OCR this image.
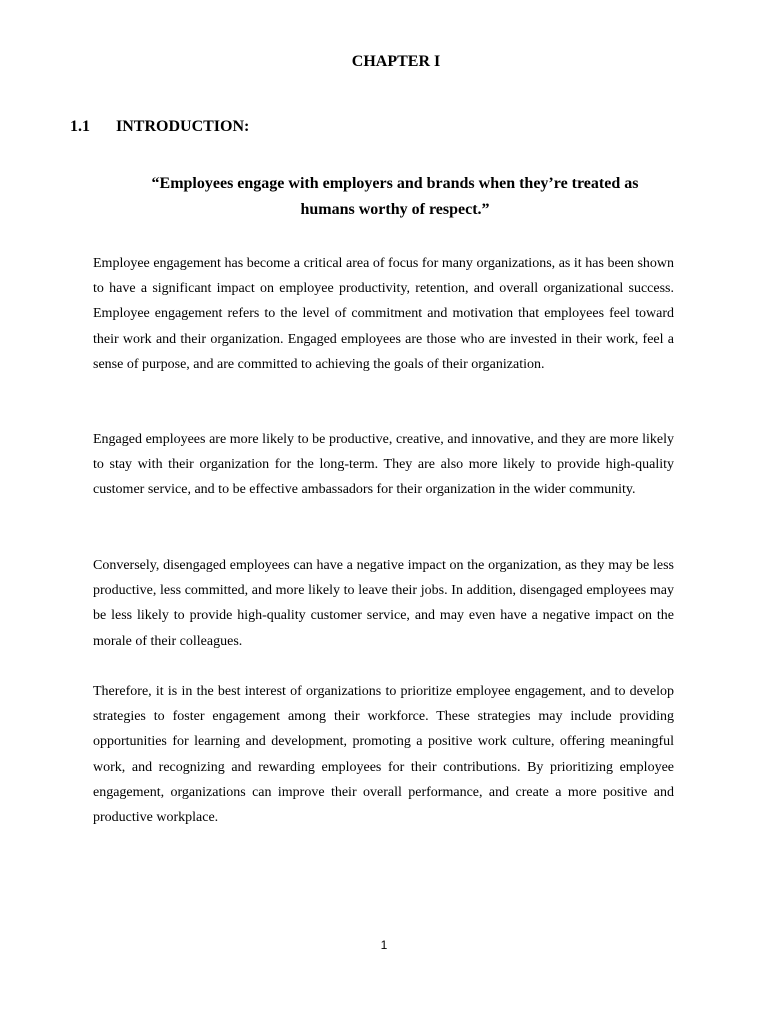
CHAPTER I
1.1 INTRODUCTION:
“Employees engage with employers and brands when they’re treated as humans worthy of respect.”

Employee engagement has become a critical area of focus for many organizations, as it has been shown to have a significant impact on employee productivity, retention, and overall organizational success. Employee engagement refers to the level of commitment and motivation that employees feel toward their work and their organization. Engaged employees are those who are invested in their work, feel a sense of purpose, and are committed to achieving the goals of their organization.

Engaged employees are more likely to be productive, creative, and innovative, and they are more likely to stay with their organization for the long-term. They are also more likely to provide high-quality customer service, and to be effective ambassadors for their organization in the wider community.

Conversely, disengaged employees can have a negative impact on the organization, as they may be less productive, less committed, and more likely to leave their jobs. In addition, disengaged employees may be less likely to provide high-quality customer service, and may even have a negative impact on the morale of their colleagues.

Therefore, it is in the best interest of organizations to prioritize employee engagement, and to develop strategies to foster engagement among their workforce. These strategies may include providing opportunities for learning and development, promoting a positive work culture, offering meaningful work, and recognizing and rewarding employees for their contributions. By prioritizing employee engagement, organizations can improve their overall performance, and create a more positive and productive workplace.

1
